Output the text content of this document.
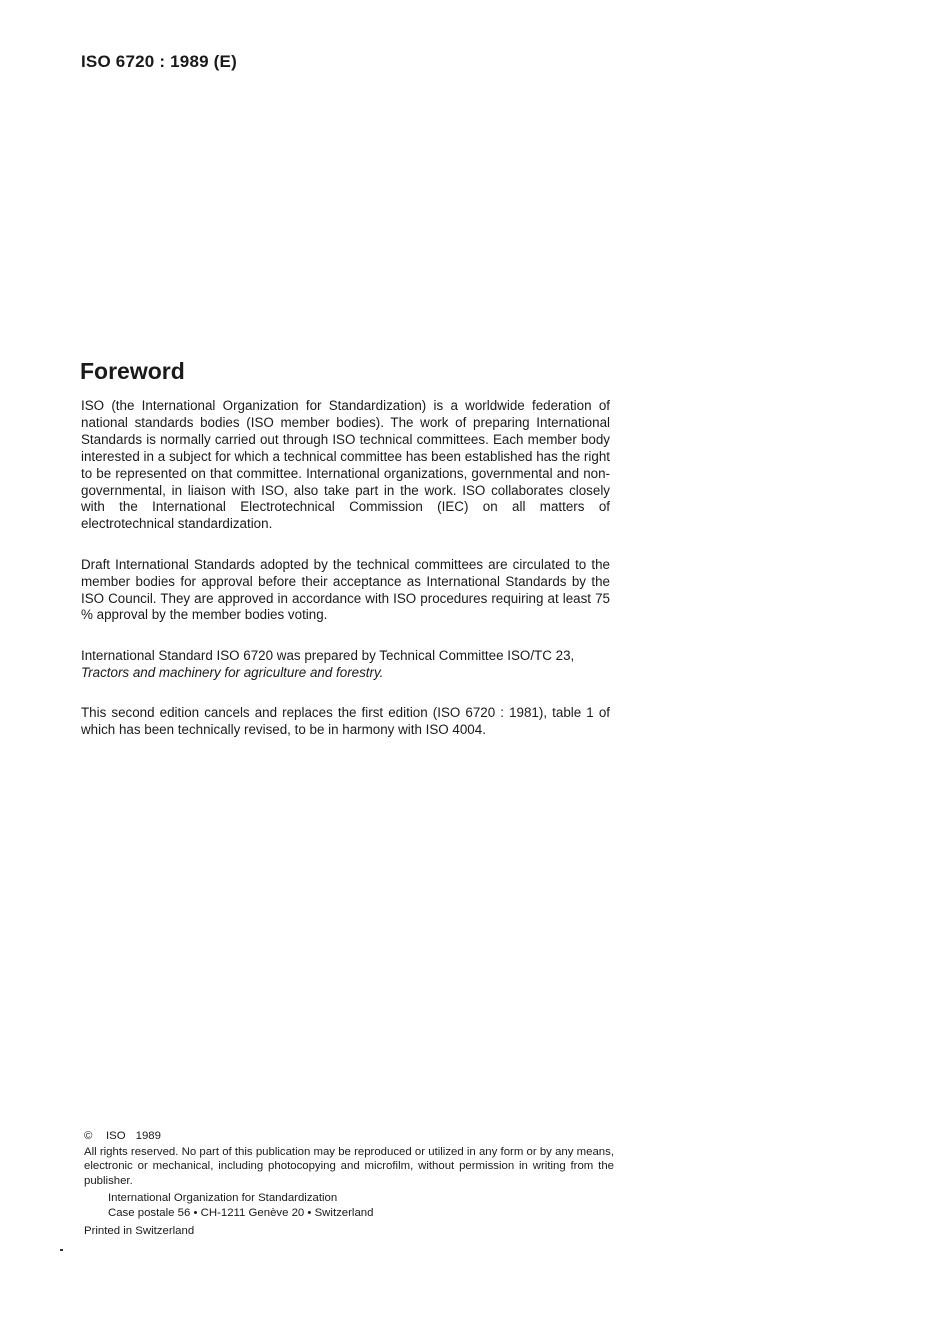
ISO 6720 : 1989 (E)
Foreword

ISO (the International Organization for Standardization) is a worldwide federation of national standards bodies (ISO member bodies). The work of preparing International Standards is normally carried out through ISO technical committees. Each member body interested in a subject for which a technical committee has been established has the right to be represented on that committee. International organizations, governmental and non-governmental, in liaison with ISO, also take part in the work. ISO collaborates closely with the International Electrotechnical Commission (IEC) on all matters of electrotechnical standardization.

Draft International Standards adopted by the technical committees are circulated to the member bodies for approval before their acceptance as International Standards by the ISO Council. They are approved in accordance with ISO procedures requiring at least 75 % approval by the member bodies voting.

International Standard ISO 6720 was prepared by Technical Committee ISO/TC 23,
Tractors and machinery for agriculture and forestry.

This second edition cancels and replaces the first edition (ISO 6720 : 1981), table 1 of which has been technically revised, to be in harmony with ISO 4004.

© ISO 1989
All rights reserved. No part of this publication may be reproduced or utilized in any form or by any means, electronic or mechanical, including photocopying and microfilm, without permission in writing from the publisher.
International Organization for Standardization
Case postale 56 • CH-1211 Genève 20 • Switzerland
Printed in Switzerland
